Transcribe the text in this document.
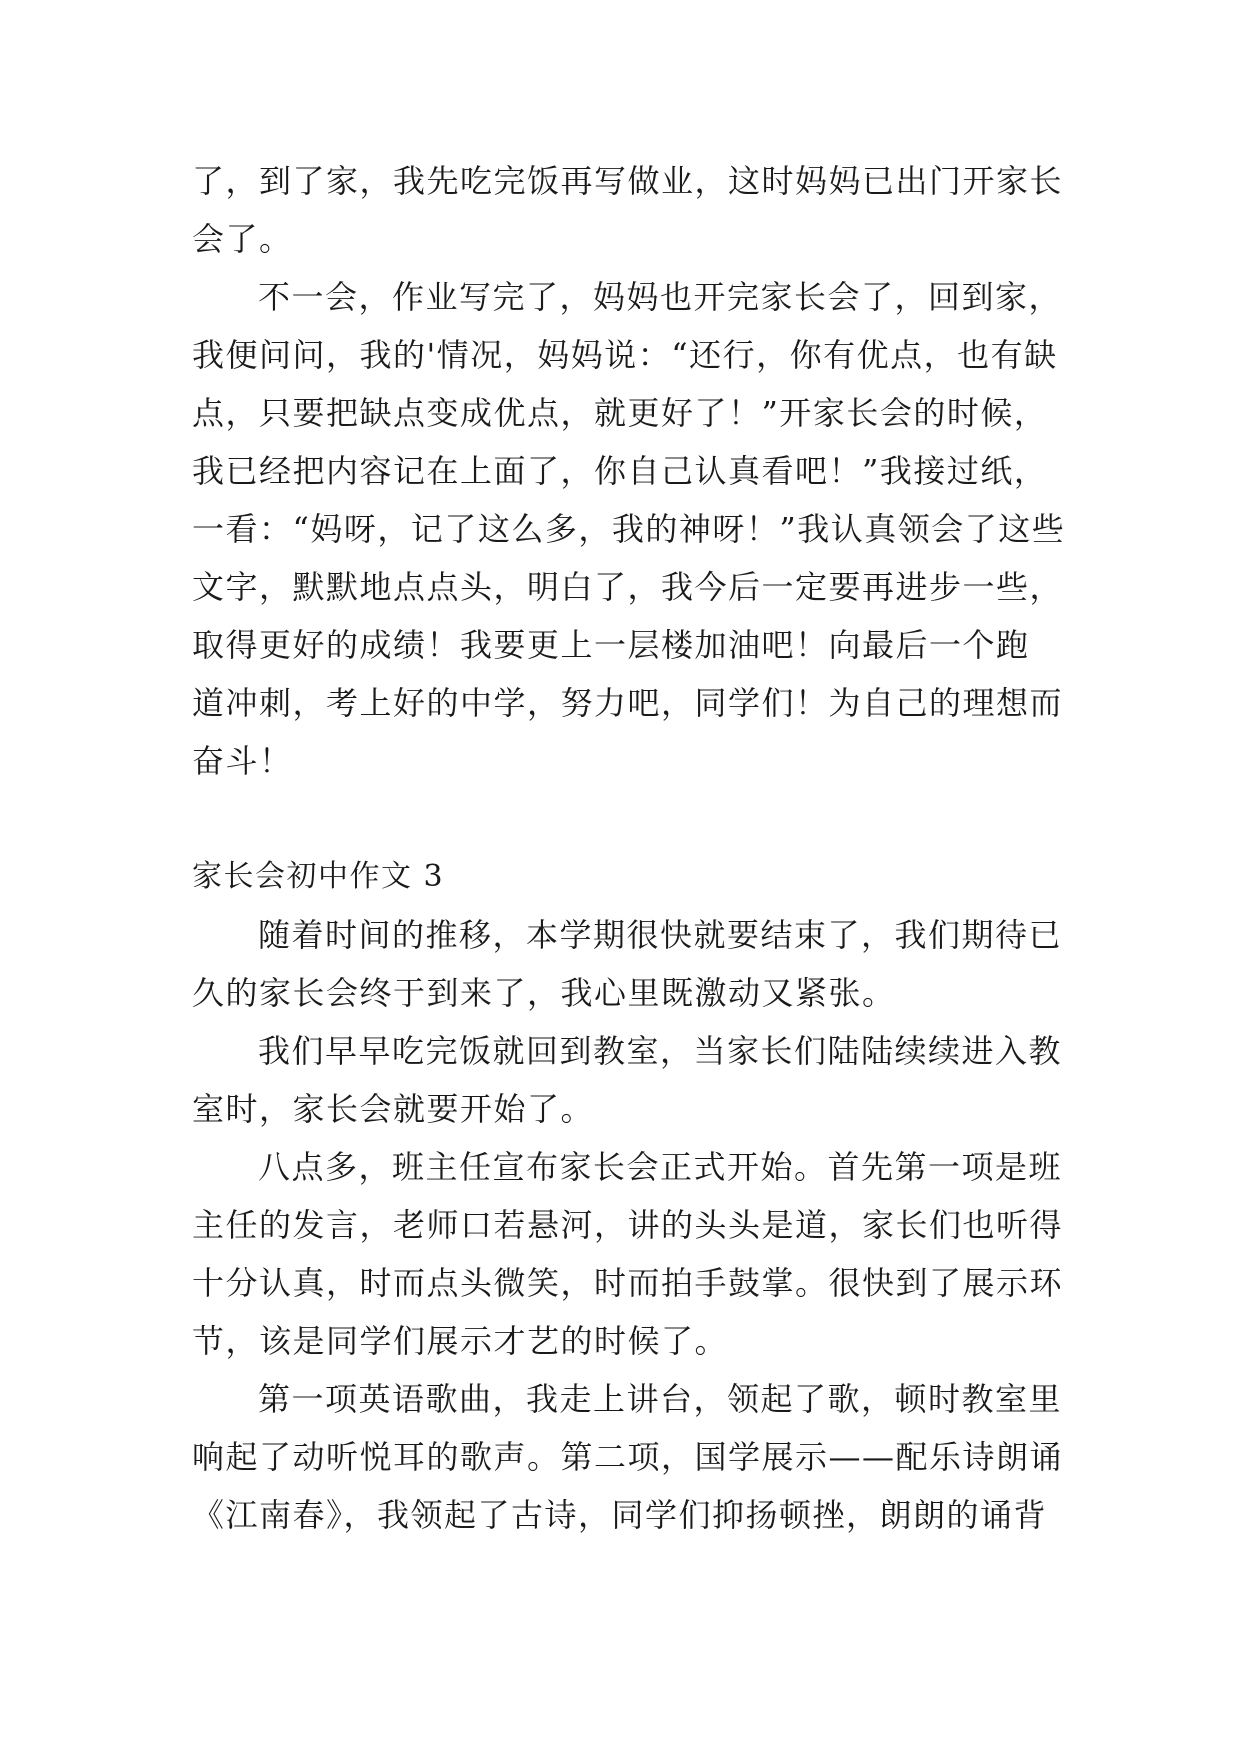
了，到了家，我先吃完饭再写做业，这时妈妈已出门开家长
会了。
不一会，作业写完了，妈妈也开完家长会了，回到家，
我便问问，我的'情况，妈妈说：“还行，你有优点，也有缺
点，只要把缺点变成优点，就更好了！”开家长会的时候，
我已经把内容记在上面了，你自己认真看吧！”我接过纸，
一看：“妈呀，记了这么多，我的神呀！”我认真领会了这些
文字，默默地点点头，明白了，我今后一定要再进步一些，
取得更好的成绩！我要更上一层楼加油吧！向最后一个跑
道冲刺，考上好的中学，努力吧，同学们！为自己的理想而
奋斗！
家长会初中作文 3
随着时间的推移，本学期很快就要结束了，我们期待已
久的家长会终于到来了，我心里既激动又紧张。
我们早早吃完饭就回到教室，当家长们陆陆续续进入教
室时，家长会就要开始了。
八点多，班主任宣布家长会正式开始。首先第一项是班
主任的发言，老师口若悬河，讲的头头是道，家长们也听得
十分认真，时而点头微笑，时而拍手鼓掌。很快到了展示环
节，该是同学们展示才艺的时候了。
第一项英语歌曲，我走上讲台，领起了歌，顿时教室里
响起了动听悦耳的歌声。第二项，国学展示——配乐诗朗诵
《江南春》，我领起了古诗，同学们抑扬顿挫，朗朗的诵背
